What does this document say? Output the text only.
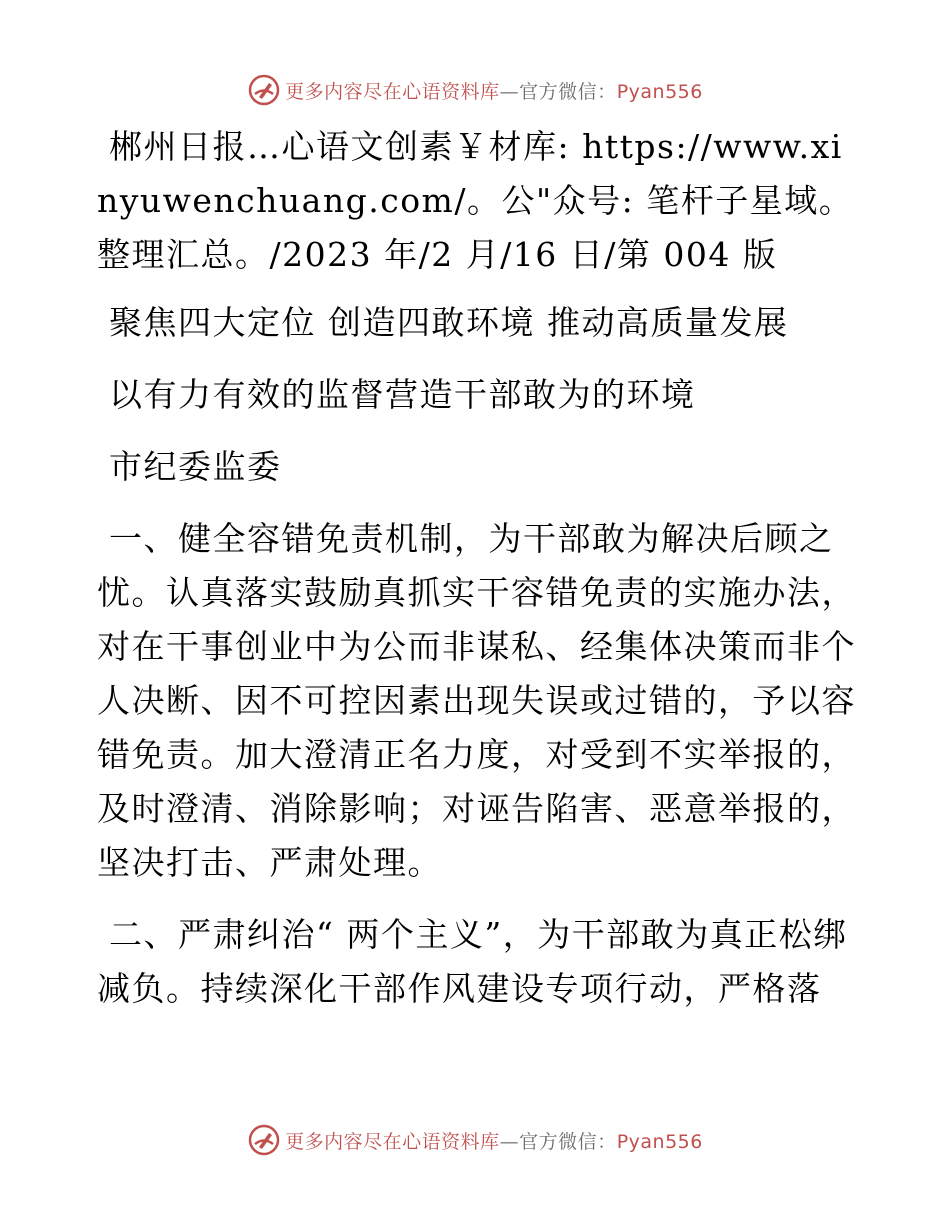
更多内容尽在心语资料库—官方微信：Pyan556

郴州日报…心语文创素￥材库: https://www.xinyuwenchuang.com/。公"众号: 笔杆子星域。整理汇总。/2023 年/2 月/16 日/第 004 版

聚焦四大定位 创造四敢环境 推动高质量发展

以有力有效的监督营造干部敢为的环境

市纪委监委

一、健全容错免责机制，为干部敢为解决后顾之忧。认真落实鼓励真抓实干容错免责的实施办法，对在干事创业中为公而非谋私、经集体决策而非个人决断、因不可控因素出现失误或过错的，予以容错免责。加大澄清正名力度，对受到不实举报的，及时澄清、消除影响；对诬告陷害、恶意举报的，坚决打击、严肃处理。

二、严肃纠治“ 两个主义”，为干部敢为真正松绑减负。持续深化干部作风建设专项行动，严格落

更多内容尽在心语资料库—官方微信：Pyan556
